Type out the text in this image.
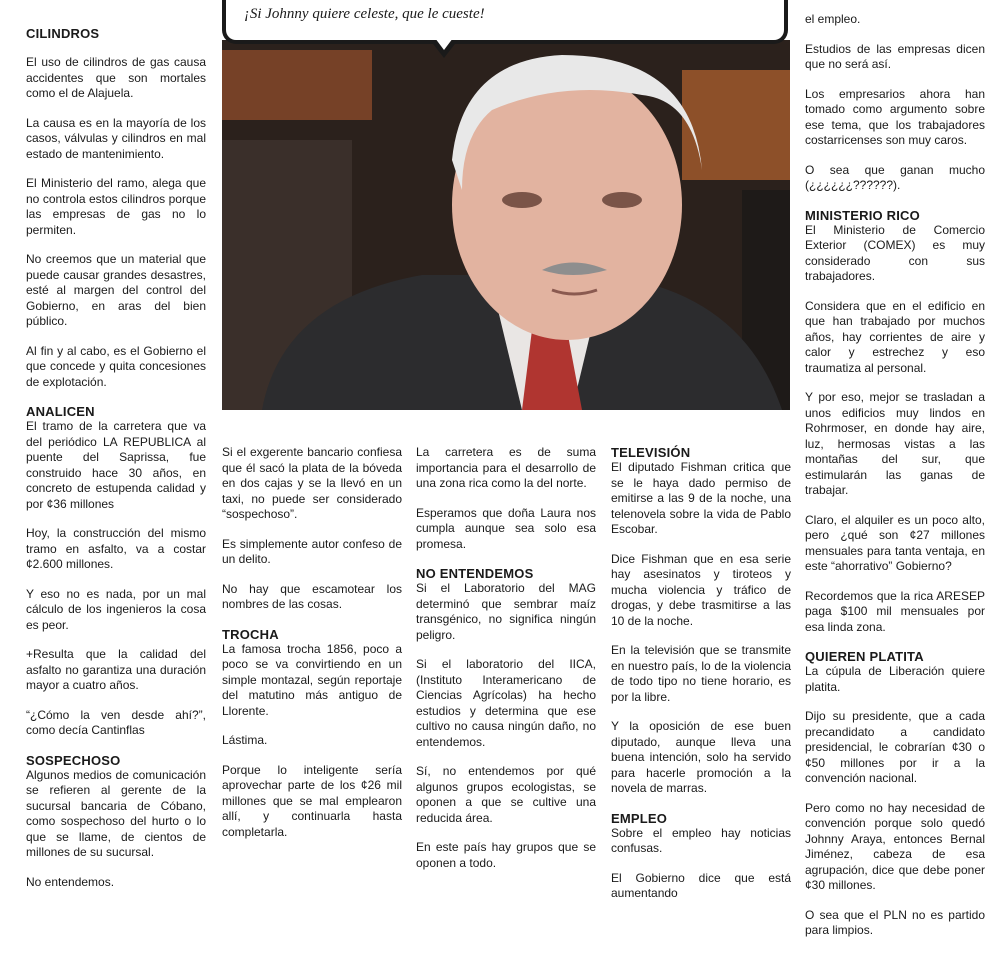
CILINDROS

El uso de cilindros de gas causa accidentes que son mortales como el de Alajuela.

La causa es en la mayoría de los casos, válvulas y cilindros en mal estado de mantenimiento.

El Ministerio del ramo, alega que no controla estos cilindros porque las empresas de gas no lo permiten.

No creemos que un material que puede causar grandes desastres, esté al margen del control del Gobierno, en aras del bien público.

Al fin y al cabo, es el Gobierno el que concede y quita concesiones de explotación.

ANALICEN

El tramo de la carretera que va del periódico LA REPUBLICA al puente del Saprissa, fue construido hace 30 años, en concreto de estupenda calidad y por ¢36 millones

Hoy, la construcción del mismo tramo en asfalto, va a costar ¢2.600 millones.

Y eso no es nada, por un mal cálculo de los ingenieros la cosa es peor.

+Resulta que la calidad del asfalto no garantiza una duración mayor a cuatro años.

“¿Cómo la ven desde ahí?”, como decía Cantinflas

SOSPECHOSO

Algunos medios de comunicación se refieren al gerente de la sucursal bancaria de Cóbano, como sospechoso del hurto o lo que se llame, de cientos de millones de su sucursal.

No entendemos.

¡Si Johnny quiere celeste, que le cueste!

Si el exgerente bancario confiesa que él sacó la plata de la bóveda en dos cajas y se la llevó en un taxi, no puede ser considerado “sospechoso”.

Es simplemente autor confeso de un delito.

No hay que escamotear los nombres de las cosas.

TROCHA

La famosa trocha 1856, poco a poco se va convirtiendo en un simple montazal, según reportaje del matutino más antiguo de Llorente.

Lástima.

Porque lo inteligente sería aprovechar parte de los ¢26 mil millones que se mal emplearon allí, y continuarla hasta completarla.

La carretera es de suma importancia para el desarrollo de una zona rica como la del norte.

Esperamos que doña Laura nos cumpla aunque sea solo esa promesa.

NO ENTENDEMOS

Si el Laboratorio del MAG determinó que sembrar maíz transgénico, no significa ningún peligro.

Si el laboratorio del IICA, (Instituto Interamericano de Ciencias Agrícolas) ha hecho estudios y determina que ese cultivo no causa ningún daño, no entendemos.

Sí, no entendemos por qué algunos grupos ecologistas, se oponen a que se cultive una reducida área.

En este país hay grupos que se oponen a todo.

TELEVISIÓN

El diputado Fishman critica que se le haya dado permiso de emitirse a las 9 de la noche, una telenovela sobre la vida de Pablo Escobar.

Dice Fishman que en esa serie hay asesinatos y tiroteos y mucha violencia y tráfico de drogas, y debe trasmitirse a las 10 de la noche.

En la televisión que se transmite en nuestro país, lo de la violencia de todo tipo no tiene horario, es por la libre.

Y la oposición de ese buen diputado, aunque lleva una buena intención, solo ha servido para hacerle promoción a la novela de marras.

EMPLEO

Sobre el empleo hay noticias confusas.

El Gobierno dice que está aumentando

el empleo.

Estudios de las empresas dicen que no será así.

Los empresarios ahora han tomado como argumento sobre ese tema, que los trabajadores costarricenses son muy caros.

O sea que ganan mucho (¿¿¿¿¿¿??????).

MINISTERIO RICO

El Ministerio de Comercio Exterior (COMEX) es muy considerado con sus trabajadores.

Considera que en el edificio en que han trabajado por muchos años, hay corrientes de aire y calor y estrechez y eso traumatiza al personal.

Y por eso, mejor se trasladan a unos edificios muy lindos en Rohrmoser, en donde hay aire, luz, hermosas vistas a las montañas del sur, que estimularán las ganas de trabajar.

Claro, el alquiler es un poco alto, pero ¿qué son ¢27 millones mensuales para tanta ventaja, en este “ahorrativo” Gobierno?

Recordemos que la rica ARESEP paga $100 mil mensuales por esa linda zona.

QUIEREN PLATITA

La cúpula de Liberación quiere platita.

Dijo su presidente, que a cada precandidato a candidato presidencial, le cobrarían ¢30 o ¢50 millones por ir a la convención nacional.

Pero como no hay necesidad de convención porque solo quedó Johnny Araya, entonces Bernal Jiménez, cabeza de esa agrupación, dice que debe poner ¢30 millones.

O sea que el PLN no es partido para limpios.
